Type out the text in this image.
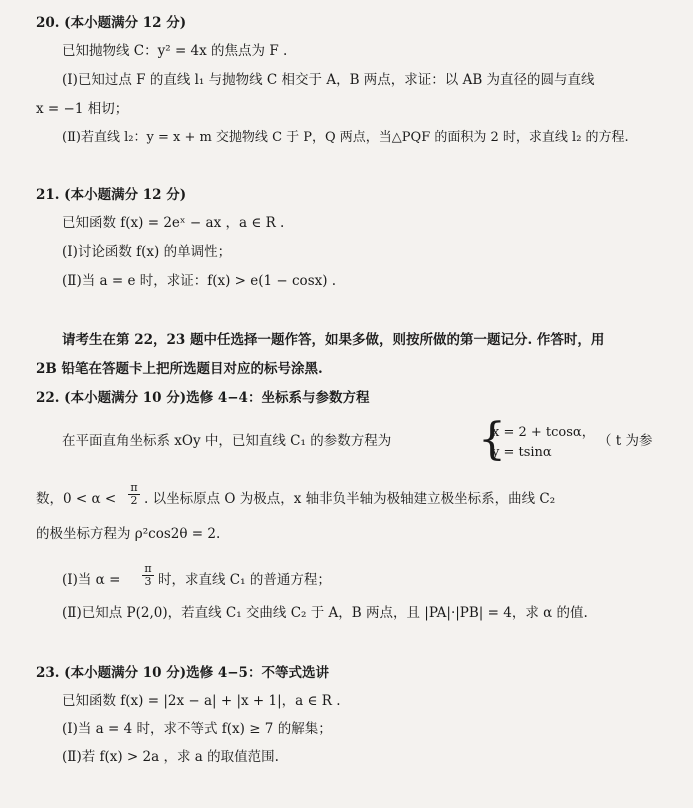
20. (本小题满分 12 分)
已知抛物线 C：y² = 4x 的焦点为 F .
(Ⅰ)已知过点 F 的直线 l₁ 与抛物线 C 相交于 A，B 两点，求证：以 AB 为直径的圆与直线
x = −1 相切；
(Ⅱ)若直线 l₂：y = x + m 交抛物线 C 于 P，Q 两点，当△PQF 的面积为 2 时，求直线 l₂ 的方程.
21. (本小题满分 12 分)
已知函数 f(x) = 2eˣ − ax ，a ∈ R .
(Ⅰ)讨论函数 f(x) 的单调性；
(Ⅱ)当 a = e 时，求证：f(x) > e(1 − cosx) .
请考生在第 22，23 题中任选择一题作答，如果多做，则按所做的第一题记分. 作答时，用
2B 铅笔在答题卡上把所选题目对应的标号涂黑.
22. (本小题满分 10 分)选修 4−4：坐标系与参数方程
在平面直角坐标系 xOy 中，已知直线 C₁ 的参数方程为 {
x = 2 + tcosα，
y = tsinα
（ t 为参
数，0 < α <
π
2 . 以坐标原点 O 为极点，x 轴非负半轴为极轴建立极坐标系，曲线 C₂
的极坐标方程为 ρ²cos2θ = 2.
(Ⅰ)当 α =
π
3 时，求直线 C₁ 的普通方程；
(Ⅱ)已知点 P(2,0)，若直线 C₁ 交曲线 C₂ 于 A，B 两点，且 |PA|·|PB| = 4，求 α 的值.
23. (本小题满分 10 分)选修 4−5：不等式选讲
已知函数 f(x) = |2x − a| + |x + 1|，a ∈ R .
(Ⅰ)当 a = 4 时，求不等式 f(x) ≥ 7 的解集；
(Ⅱ)若 f(x) > 2a ，求 a 的取值范围.
